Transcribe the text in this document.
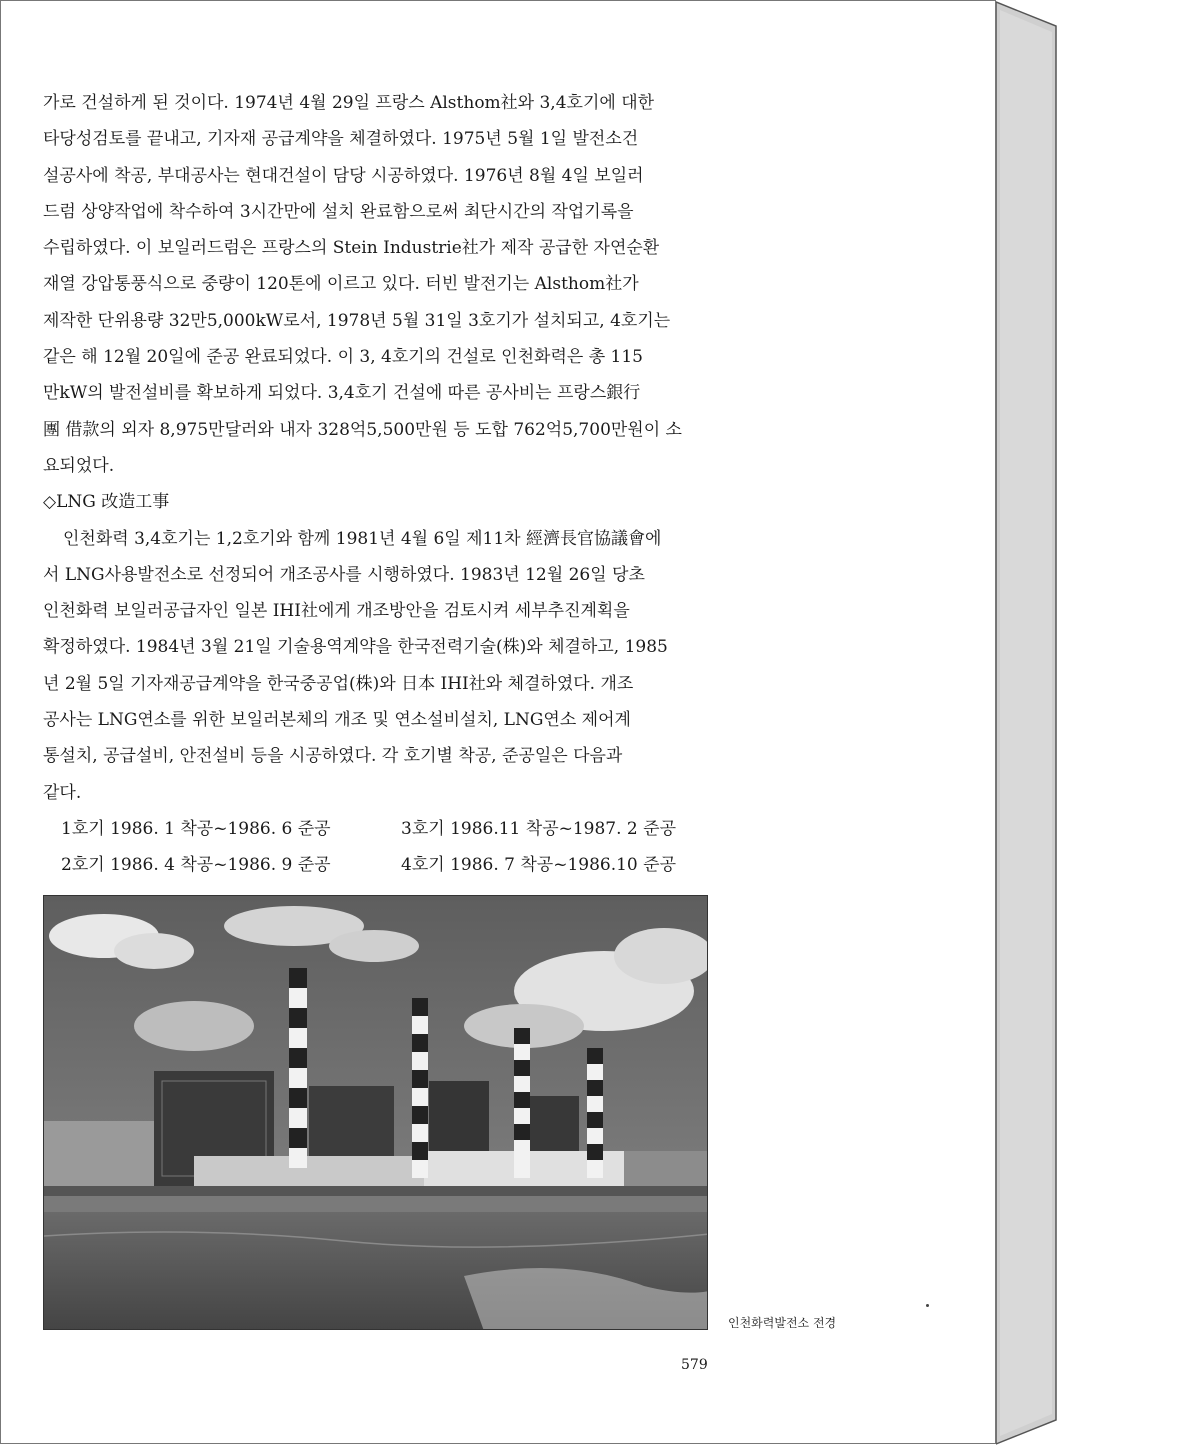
가로 건설하게 된 것이다. 1974년 4월 29일 프랑스 Alsthom社와 3,4호기에 대한
타당성검토를 끝내고, 기자재 공급계약을 체결하였다. 1975년 5월 1일 발전소건
설공사에 착공, 부대공사는 현대건설이 담당 시공하였다. 1976년 8월 4일 보일러
드럼 상양작업에 착수하여 3시간만에 설치 완료함으로써 최단시간의 작업기록을
수립하였다. 이 보일러드럼은 프랑스의 Stein Industrie社가 제작 공급한 자연순환
재열 강압통풍식으로 중량이 120톤에 이르고 있다. 터빈 발전기는 Alsthom社가
제작한 단위용량 32만5,000kW로서, 1978년 5월 31일 3호기가 설치되고, 4호기는
같은 해 12월 20일에 준공 완료되었다. 이 3, 4호기의 건설로 인천화력은 총 115
만kW의 발전설비를 확보하게 되었다. 3,4호기 건설에 따른 공사비는 프랑스銀行
團 借款의 외자 8,975만달러와 내자 328억5,500만원 등 도합 762억5,700만원이 소
요되었다.
◇LNG 改造工事
인천화력 3,4호기는 1,2호기와 함께 1981년 4월 6일 제11차 經濟長官協議會에
서 LNG사용발전소로 선정되어 개조공사를 시행하였다. 1983년 12월 26일 당초
인천화력 보일러공급자인 일본 IHI社에게 개조방안을 검토시켜 세부추진계획을
확정하였다. 1984년 3월 21일 기술용역계약을 한국전력기술(株)와 체결하고, 1985
년 2월 5일 기자재공급계약을 한국중공업(株)와 日本 IHI社와 체결하였다. 개조
공사는 LNG연소를 위한 보일러본체의 개조 및 연소설비설치, LNG연소 제어계
통설치, 공급설비, 안전설비 등을 시공하였다. 각 호기별 착공, 준공일은 다음과
같다.
1호기 1986. 1 착공~1986. 6 준공	3호기 1986.11 착공~1987. 2 준공
2호기 1986. 4 착공~1986. 9 준공	4호기 1986. 7 착공~1986.10 준공
인천화력발전소 전경
579
